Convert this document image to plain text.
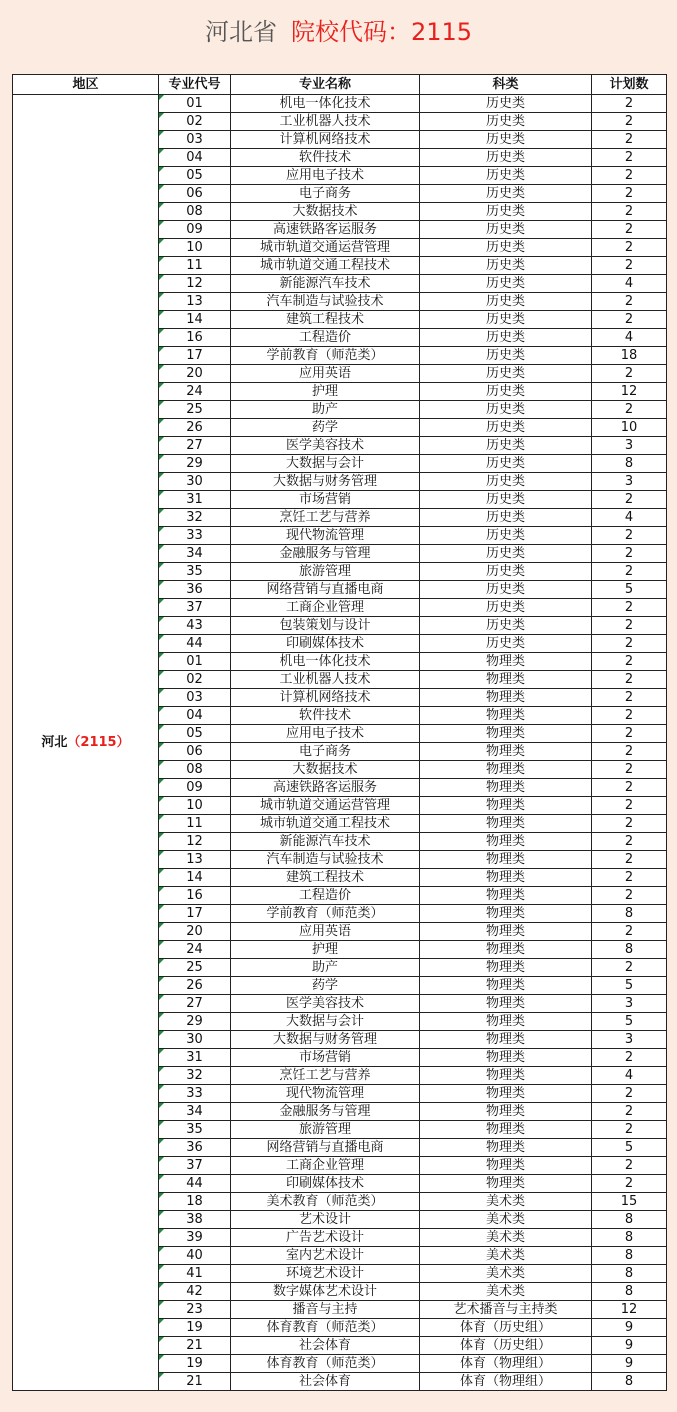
河北省 院校代码：2115
地区	专业代号	专业名称	科类	计划数
河北（2115）	01	机电一体化技术	历史类	2
	02	工业机器人技术	历史类	2
	03	计算机网络技术	历史类	2
	04	软件技术	历史类	2
	05	应用电子技术	历史类	2
	06	电子商务	历史类	2
	08	大数据技术	历史类	2
	09	高速铁路客运服务	历史类	2
	10	城市轨道交通运营管理	历史类	2
	11	城市轨道交通工程技术	历史类	2
	12	新能源汽车技术	历史类	4
	13	汽车制造与试验技术	历史类	2
	14	建筑工程技术	历史类	2
	16	工程造价	历史类	4
	17	学前教育（师范类）	历史类	18
	20	应用英语	历史类	2
	24	护理	历史类	12
	25	助产	历史类	2
	26	药学	历史类	10
	27	医学美容技术	历史类	3
	29	大数据与会计	历史类	8
	30	大数据与财务管理	历史类	3
	31	市场营销	历史类	2
	32	烹饪工艺与营养	历史类	4
	33	现代物流管理	历史类	2
	34	金融服务与管理	历史类	2
	35	旅游管理	历史类	2
	36	网络营销与直播电商	历史类	5
	37	工商企业管理	历史类	2
	43	包装策划与设计	历史类	2
	44	印刷媒体技术	历史类	2
	01	机电一体化技术	物理类	2
	02	工业机器人技术	物理类	2
	03	计算机网络技术	物理类	2
	04	软件技术	物理类	2
	05	应用电子技术	物理类	2
	06	电子商务	物理类	2
	08	大数据技术	物理类	2
	09	高速铁路客运服务	物理类	2
	10	城市轨道交通运营管理	物理类	2
	11	城市轨道交通工程技术	物理类	2
	12	新能源汽车技术	物理类	2
	13	汽车制造与试验技术	物理类	2
	14	建筑工程技术	物理类	2
	16	工程造价	物理类	2
	17	学前教育（师范类）	物理类	8
	20	应用英语	物理类	2
	24	护理	物理类	8
	25	助产	物理类	2
	26	药学	物理类	5
	27	医学美容技术	物理类	3
	29	大数据与会计	物理类	5
	30	大数据与财务管理	物理类	3
	31	市场营销	物理类	2
	32	烹饪工艺与营养	物理类	4
	33	现代物流管理	物理类	2
	34	金融服务与管理	物理类	2
	35	旅游管理	物理类	2
	36	网络营销与直播电商	物理类	5
	37	工商企业管理	物理类	2
	44	印刷媒体技术	物理类	2
	18	美术教育（师范类）	美术类	15
	38	艺术设计	美术类	8
	39	广告艺术设计	美术类	8
	40	室内艺术设计	美术类	8
	41	环境艺术设计	美术类	8
	42	数字媒体艺术设计	美术类	8
	23	播音与主持	艺术播音与主持类	12
	19	体育教育（师范类）	体育（历史组）	9
	21	社会体育	体育（历史组）	9
	19	体育教育（师范类）	体育（物理组）	9
	21	社会体育	体育（物理组）	8
